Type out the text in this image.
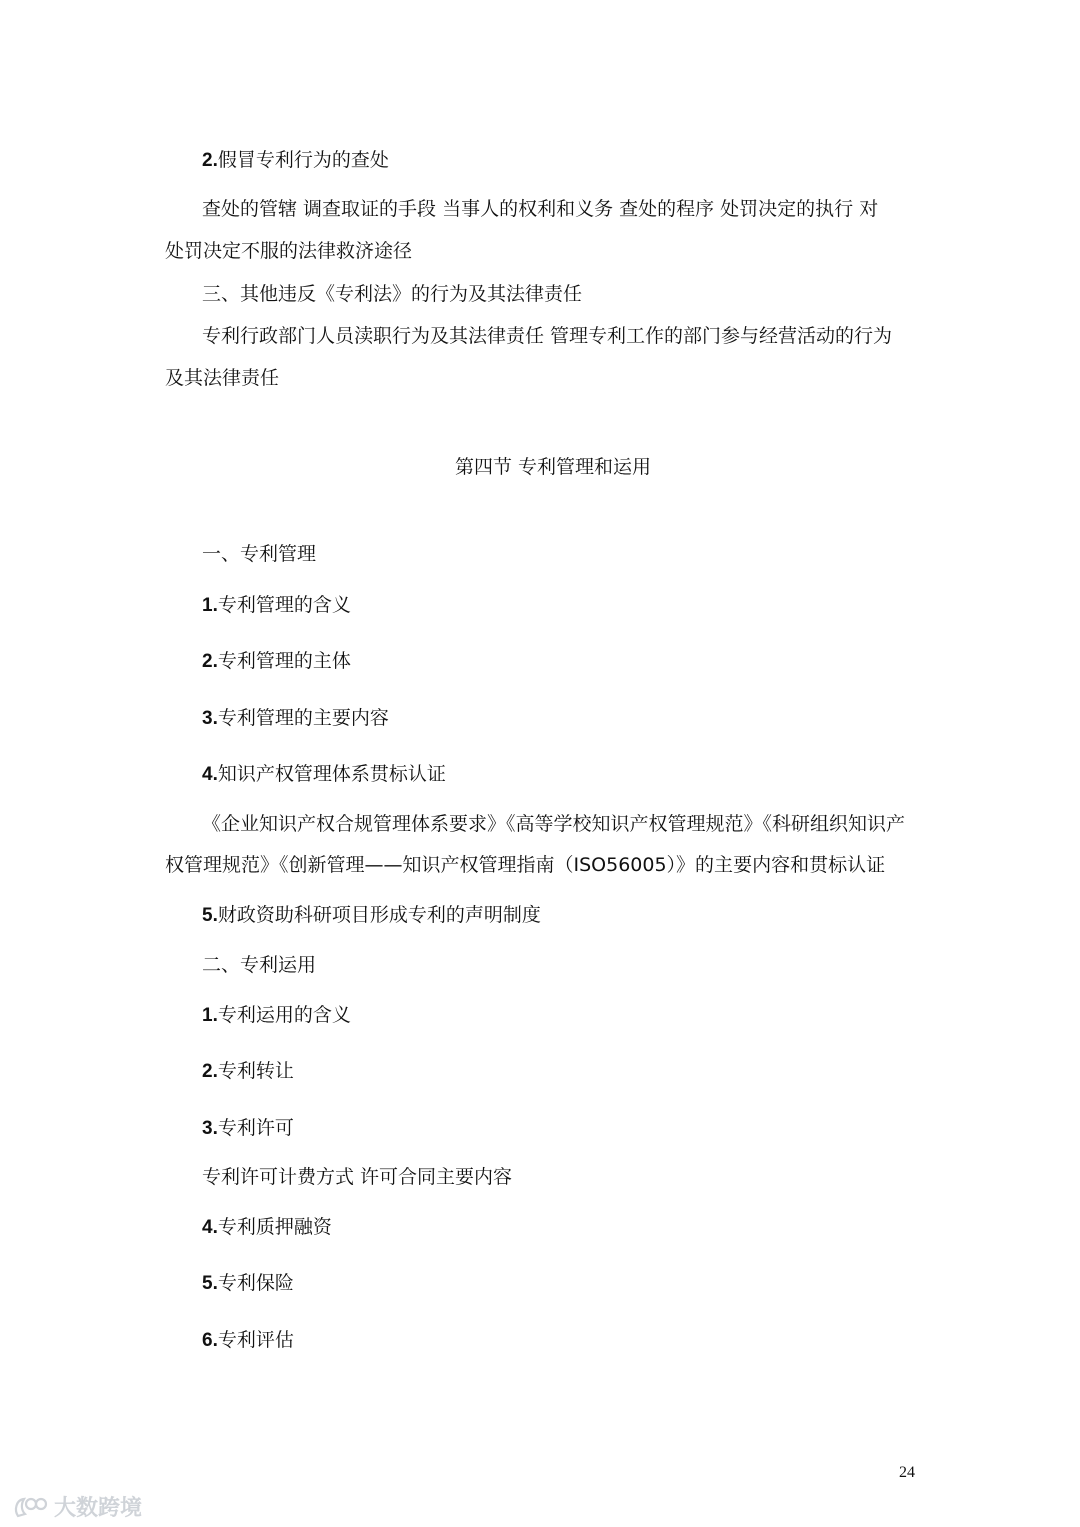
2.假冒专利行为的查处
查处的管辖 调查取证的手段 当事人的权利和义务 查处的程序 处罚决定的执行 对
处罚决定不服的法律救济途径
三、其他违反《专利法》的行为及其法律责任
专利行政部门人员渎职行为及其法律责任 管理专利工作的部门参与经营活动的行为
及其法律责任
第四节 专利管理和运用
一、专利管理
1.专利管理的含义
2.专利管理的主体
3.专利管理的主要内容
4.知识产权管理体系贯标认证
《企业知识产权合规管理体系要求》《高等学校知识产权管理规范》《科研组织知识产
权管理规范》《创新管理——知识产权管理指南（ISO56005）》的主要内容和贯标认证
5.财政资助科研项目形成专利的声明制度
二、专利运用
1.专利运用的含义
2.专利转让
3.专利许可
专利许可计费方式 许可合同主要内容
4.专利质押融资
5.专利保险
6.专利评估
24
大数跨境
